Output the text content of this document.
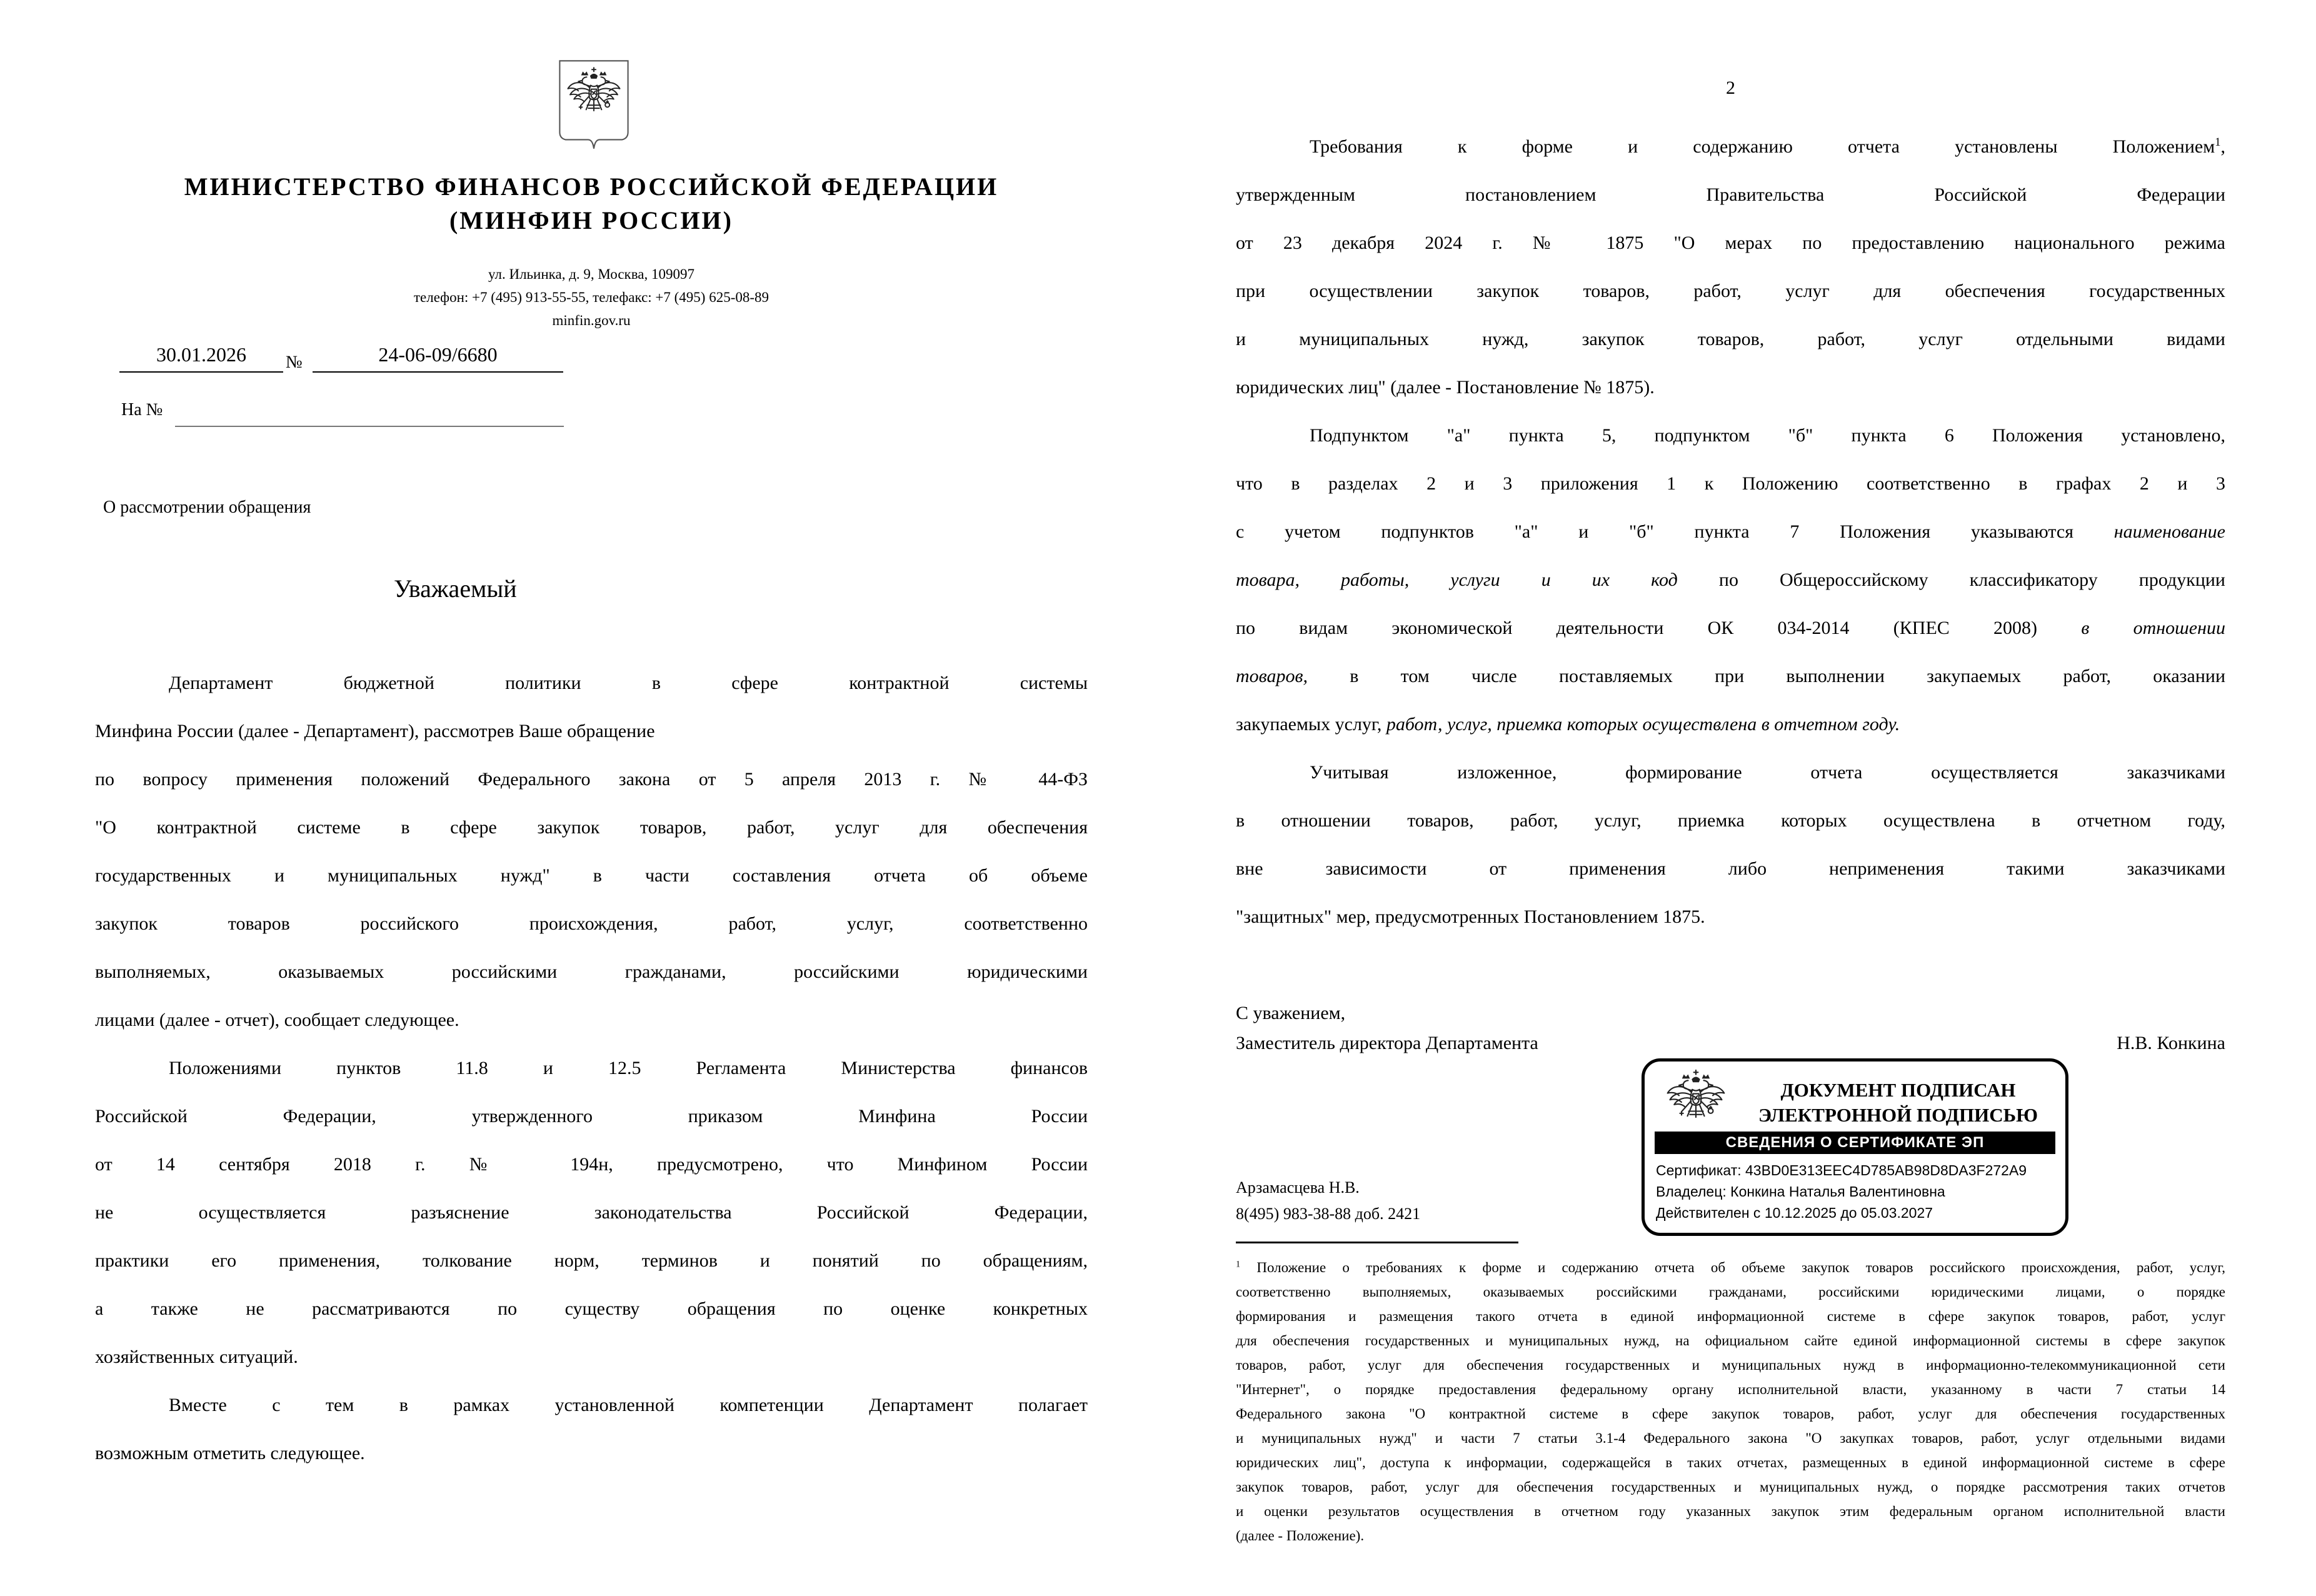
МИНИСТЕРСТВО ФИНАНСОВ РОССИЙСКОЙ ФЕДЕРАЦИИ
(МИНФИН РОССИИ)
ул. Ильинка, д. 9, Москва, 109097
телефон: +7 (495) 913-55-55, телефакс: +7 (495) 625-08-89
minfin.gov.ru
30.01.2026	№	24-06-09/6680
На №
О рассмотрении обращения
Уважаемый
Департамент бюджетной политики в сфере контрактной системы
Минфина России (далее - Департамент), рассмотрев Ваше обращение
по вопросу применения положений Федерального закона от 5 апреля 2013 г. № 44-ФЗ
"О контрактной системе в сфере закупок товаров, работ, услуг для обеспечения
государственных и муниципальных нужд" в части составления отчета об объеме
закупок товаров российского происхождения, работ, услуг, соответственно
выполняемых, оказываемых российскими гражданами, российскими юридическими
лицами (далее - отчет), сообщает следующее.
Положениями пунктов 11.8 и 12.5 Регламента Министерства финансов
Российской Федерации, утвержденного приказом Минфина России
от 14 сентября 2018 г. № 194н, предусмотрено, что Минфином России
не осуществляется разъяснение законодательства Российской Федерации,
практики его применения, толкование норм, терминов и понятий по обращениям,
а также не рассматриваются по существу обращения по оценке конкретных
хозяйственных ситуаций.
Вместе с тем в рамках установленной компетенции Департамент полагает
возможным отметить следующее.
2
Требования к форме и содержанию отчета установлены Положением$^1$,
утвержденным постановлением Правительства Российской Федерации
от 23 декабря 2024 г. № 1875 "О мерах по предоставлению национального режима
при осуществлении закупок товаров, работ, услуг для обеспечения государственных
и муниципальных нужд, закупок товаров, работ, услуг отдельными видами
юридических лиц" (далее - Постановление № 1875).
Подпунктом "а" пункта 5, подпунктом "б" пункта 6 Положения установлено,
что в разделах 2 и 3 приложения 1 к Положению соответственно в графах 2 и 3
с учетом подпунктов "а" и "б" пункта 7 Положения указываются наименование
товара, работы, услуги и их код по Общероссийскому классификатору продукции
по видам экономической деятельности ОК 034-2014 (КПЕС 2008) в отношении
товаров, в том числе поставляемых при выполнении закупаемых работ, оказании
закупаемых услуг, работ, услуг, приемка которых осуществлена в отчетном году.
Учитывая изложенное, формирование отчета осуществляется заказчиками
в отношении товаров, работ, услуг, приемка которых осуществлена в отчетном году,
вне зависимости от применения либо неприменения такими заказчиками
"защитных" мер, предусмотренных Постановлением 1875.
С уважением,
Заместитель директора Департамента	Н.В. Конкина
ДОКУМЕНТ ПОДПИСАН
ЭЛЕКТРОННОЙ ПОДПИСЬЮ
СВЕДЕНИЯ О СЕРТИФИКАТЕ ЭП
Сертификат: 43BD0E313EEC4D785AB98D8DA3F272A9
Владелец: Конкина Наталья Валентиновна
Действителен с 10.12.2025 до 05.03.2027
Арзамасцева Н.В.
8(495) 983-38-88 доб. 2421
$^1$ Положение о требованиях к форме и содержанию отчета об объеме закупок товаров российского происхождения, работ, услуг,
соответственно выполняемых, оказываемых российскими гражданами, российскими юридическими лицами, о порядке
формирования и размещения такого отчета в единой информационной системе в сфере закупок товаров, работ, услуг
для обеспечения государственных и муниципальных нужд, на официальном сайте единой информационной системы в сфере закупок
товаров, работ, услуг для обеспечения государственных и муниципальных нужд в информационно-телекоммуникационной сети
"Интернет", о порядке предоставления федеральному органу исполнительной власти, указанному в части 7 статьи 14
Федерального закона "О контрактной системе в сфере закупок товаров, работ, услуг для обеспечения государственных
и муниципальных нужд" и части 7 статьи 3.1-4 Федерального закона "О закупках товаров, работ, услуг отдельными видами
юридических лиц", доступа к информации, содержащейся в таких отчетах, размещенных в единой информационной системе в сфере
закупок товаров, работ, услуг для обеспечения государственных и муниципальных нужд, о порядке рассмотрения таких отчетов
и оценки результатов осуществления в отчетном году указанных закупок этим федеральным органом исполнительной власти
(далее - Положение).
